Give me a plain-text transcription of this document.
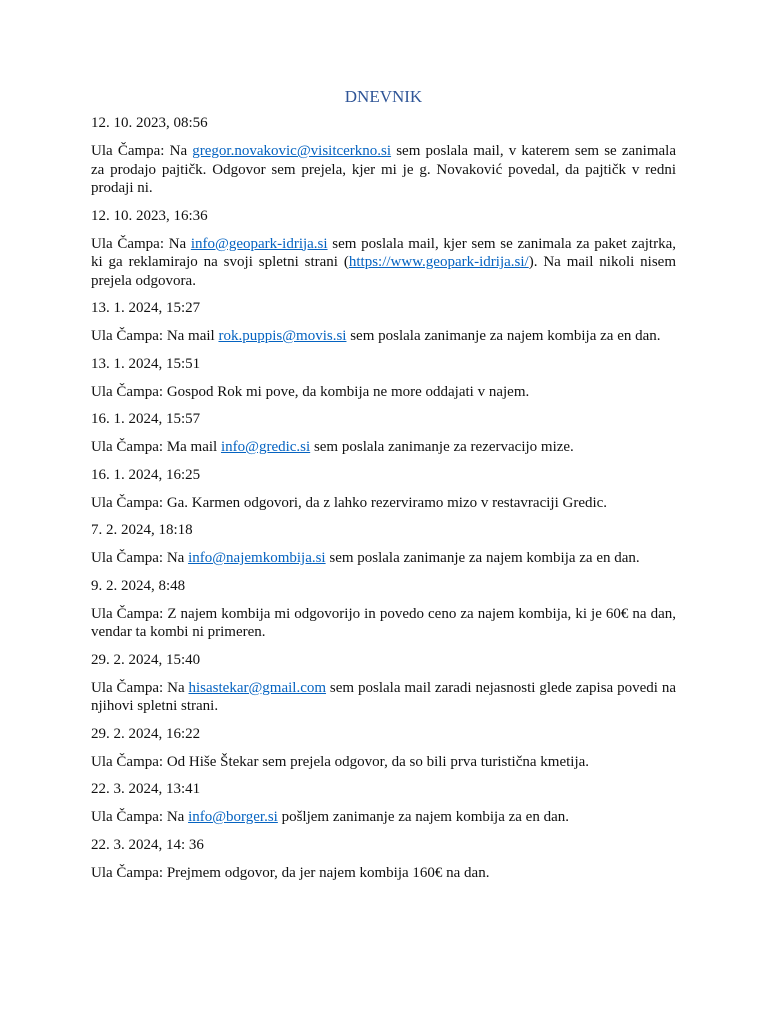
DNEVNIK
12. 10. 2023, 08:56
Ula Čampa: Na gregor.novakovic@visitcerkno.si sem poslala mail, v katerem sem se zanimala za prodajo pajtičk. Odgovor sem prejela, kjer mi je g. Novaković povedal, da pajtičk v redni prodaji ni.
12. 10. 2023, 16:36
Ula Čampa: Na info@geopark-idrija.si sem poslala mail, kjer sem se zanimala za paket zajtrka, ki ga reklamirajo na svoji spletni strani (https://www.geopark-idrija.si/). Na mail nikoli nisem prejela odgovora.
13. 1. 2024, 15:27
Ula Čampa: Na mail rok.puppis@movis.si sem poslala zanimanje za najem kombija za en dan.
13. 1. 2024, 15:51
Ula Čampa: Gospod Rok mi pove, da kombija ne more oddajati v najem.
16. 1. 2024, 15:57
Ula Čampa: Ma mail info@gredic.si sem poslala zanimanje za rezervacijo mize.
16. 1. 2024, 16:25
Ula Čampa: Ga. Karmen odgovori, da z lahko rezerviramo mizo v restavraciji Gredic.
7. 2. 2024, 18:18
Ula Čampa: Na info@najemkombija.si sem poslala zanimanje za najem kombija za en dan.
9. 2. 2024, 8:48
Ula Čampa: Z najem kombija mi odgovorijo in povedo ceno za najem kombija, ki je 60€ na dan, vendar ta kombi ni primeren.
29. 2. 2024, 15:40
Ula Čampa: Na hisastekar@gmail.com sem poslala mail zaradi nejasnosti glede zapisa povedi na njihovi spletni strani.
29. 2. 2024, 16:22
Ula Čampa: Od Hiše Štekar sem prejela odgovor, da so bili prva turistična kmetija.
22. 3. 2024, 13:41
Ula Čampa: Na info@borger.si pošljem zanimanje za najem kombija za en dan.
22. 3. 2024, 14: 36
Ula Čampa: Prejmem odgovor, da jer najem kombija 160€ na dan.
